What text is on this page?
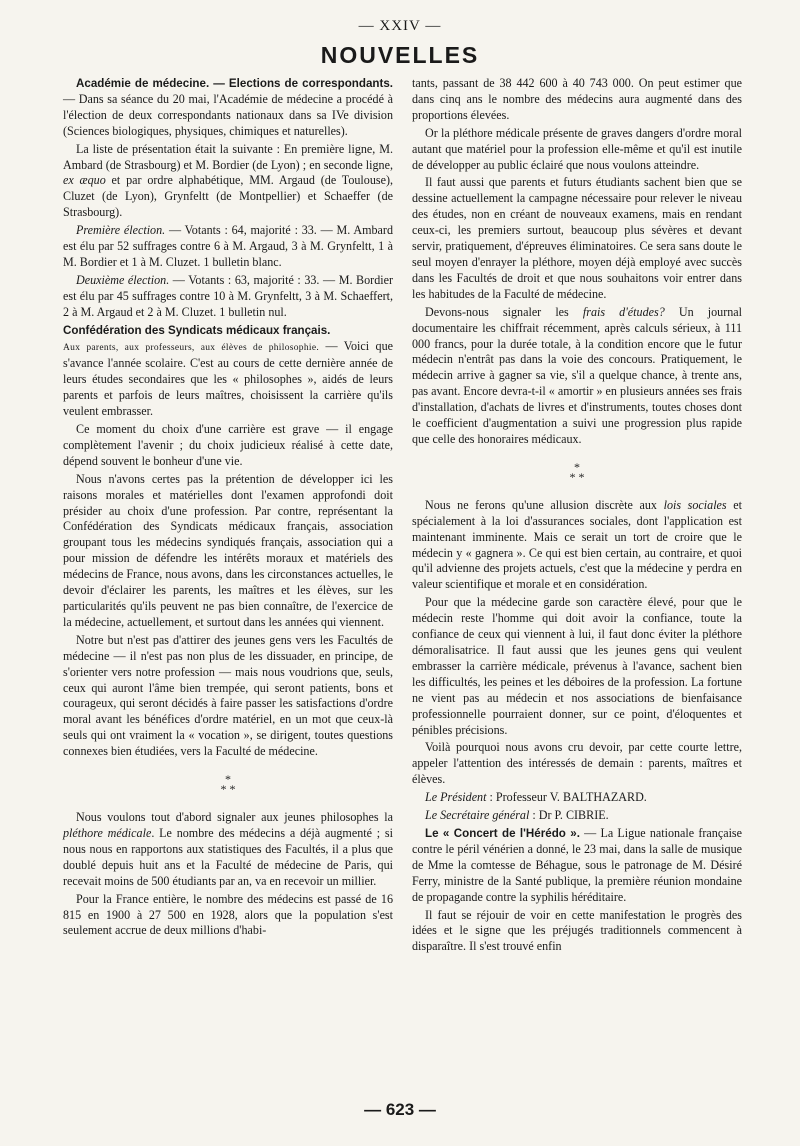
— XXIV —
NOUVELLES

Académie de médecine. — Elections de correspondants. — Dans sa séance du 20 mai, l'Académie de médecine a procédé à l'élection de deux correspondants nationaux dans sa IVe division (Sciences biologiques, physiques, chimiques et naturelles).

La liste de présentation était la suivante : En première ligne, M. Ambard (de Strasbourg) et M. Bordier (de Lyon) ; en seconde ligne, ex æquo et par ordre alphabétique, MM. Argaud (de Toulouse), Cluzet (de Lyon), Grynfeltt (de Montpellier) et Schaeffer (de Strasbourg).

Première élection. — Votants : 64, majorité : 33. — M. Ambard est élu par 52 suffrages contre 6 à M. Argaud, 3 à M. Grynfeltt, 1 à M. Bordier et 1 à M. Cluzet. 1 bulletin blanc.

Deuxième élection. — Votants : 63, majorité : 33. — M. Bordier est élu par 45 suffrages contre 10 à M. Grynfeltt, 3 à M. Schaeffert, 2 à M. Argaud et 2 à M. Cluzet. 1 bulletin nul.

Confédération des Syndicats médicaux français.
Aux parents, aux professeurs, aux élèves de philosophie. — Voici que s'avance l'année scolaire. C'est au cours de cette dernière année de leurs études secondaires que les « philosophes », aidés de leurs parents et parfois de leurs maîtres, choisissent la carrière qu'ils veulent embrasser.

Ce moment du choix d'une carrière est grave — il engage complètement l'avenir ; du choix judicieux réalisé à cette date, dépend souvent le bonheur d'une vie.

Nous n'avons certes pas la prétention de développer ici les raisons morales et matérielles dont l'examen approfondi doit présider au choix d'une profession. Par contre, représentant la Confédération des Syndicats médicaux français, association groupant tous les médecins syndiqués français, association qui a pour mission de défendre les intérêts moraux et matériels des médecins de France, nous avons, dans les circonstances actuelles, le devoir d'éclairer les parents, les maîtres et les élèves, sur les particularités qu'ils peuvent ne pas bien connaître, de l'exercice de la médecine, actuellement, et surtout dans les années qui viennent.

Notre but n'est pas d'attirer des jeunes gens vers les Facultés de médecine — il n'est pas non plus de les dissuader, en principe, de s'orienter vers notre profession — mais nous voudrions que, seuls, ceux qui auront l'âme bien trempée, qui seront patients, bons et courageux, qui seront décidés à faire passer les satisfactions d'ordre moral avant les bénéfices d'ordre matériel, en un mot que ceux-là seuls qui ont vraiment la « vocation », se dirigent, toutes questions connexes bien étudiées, vers la Faculté de médecine.

*
* *

Nous voulons tout d'abord signaler aux jeunes philosophes la pléthore médicale. Le nombre des médecins a déjà augmenté ; si nous nous en rapportons aux statistiques des Facultés, il a plus que doublé depuis huit ans et la Faculté de médecine de Paris, qui recevait moins de 500 étudiants par an, va en recevoir un millier.

Pour la France entière, le nombre des médecins est passé de 16 815 en 1900 à 27 500 en 1928, alors que la population s'est seulement accrue de deux millions d'habi-

tants, passant de 38 442 600 à 40 743 000. On peut estimer que dans cinq ans le nombre des médecins aura augmenté dans des proportions élevées.

Or la pléthore médicale présente de graves dangers d'ordre moral autant que matériel pour la profession elle-même et qu'il est inutile de développer au public éclairé que nous voulons atteindre.

Il faut aussi que parents et futurs étudiants sachent bien que se dessine actuellement la campagne nécessaire pour relever le niveau des études, non en créant de nouveaux examens, mais en rendant ceux-ci, les premiers surtout, beaucoup plus sévères et devant servir, pratiquement, d'épreuves éliminatoires. Ce sera sans doute le seul moyen d'enrayer la pléthore, moyen déjà employé avec succès dans les Facultés de droit et que nous souhaitons voir entrer dans les habitudes de la Faculté de médecine.

Devons-nous signaler les frais d'études? Un journal documentaire les chiffrait récemment, après calculs sérieux, à 111 000 francs, pour la durée totale, à la condition encore que le futur médecin n'entrât pas dans la voie des concours. Pratiquement, le médecin arrive à gagner sa vie, s'il a quelque chance, à trente ans, pas avant. Encore devra-t-il « amortir » en plusieurs années ses frais d'installation, d'achats de livres et d'instruments, toutes choses dont le coefficient d'augmentation a suivi une progression plus rapide que celle des honoraires médicaux.

*
* *

Nous ne ferons qu'une allusion discrète aux lois sociales et spécialement à la loi d'assurances sociales, dont l'application est maintenant imminente. Mais ce serait un tort de croire que le médecin y « gagnera ». Ce qui est bien certain, au contraire, et quoi qu'il advienne des projets actuels, c'est que la médecine y perdra en valeur scientifique et morale et en considération.

Pour que la médecine garde son caractère élevé, pour que le médecin reste l'homme qui doit avoir la confiance, toute la confiance de ceux qui viennent à lui, il faut donc éviter la pléthore démoralisatrice. Il faut aussi que les jeunes gens qui veulent embrasser la carrière médicale, prévenus à l'avance, sachent bien les difficultés, les peines et les déboires de la profession. La fortune ne vient pas au médecin et nos associations de bienfaisance professionnelle pourraient donner, sur ce point, d'éloquentes et pénibles précisions.

Voilà pourquoi nous avons cru devoir, par cette courte lettre, appeler l'attention des intéressés de demain : parents, maîtres et élèves.

Le Président : Professeur V. BALTHAZARD.

Le Secrétaire général : Dr P. CIBRIE.

Le « Concert de l'Hérédo ». — La Ligue nationale française contre le péril vénérien a donné, le 23 mai, dans la salle de musique de Mme la comtesse de Béhague, sous le patronage de M. Désiré Ferry, ministre de la Santé publique, la première réunion mondaine de propagande contre la syphilis héréditaire.

Il faut se réjouir de voir en cette manifestation le progrès des idées et le signe que les préjugés traditionnels commencent à disparaître. Il s'est trouvé enfin

— 623 —
